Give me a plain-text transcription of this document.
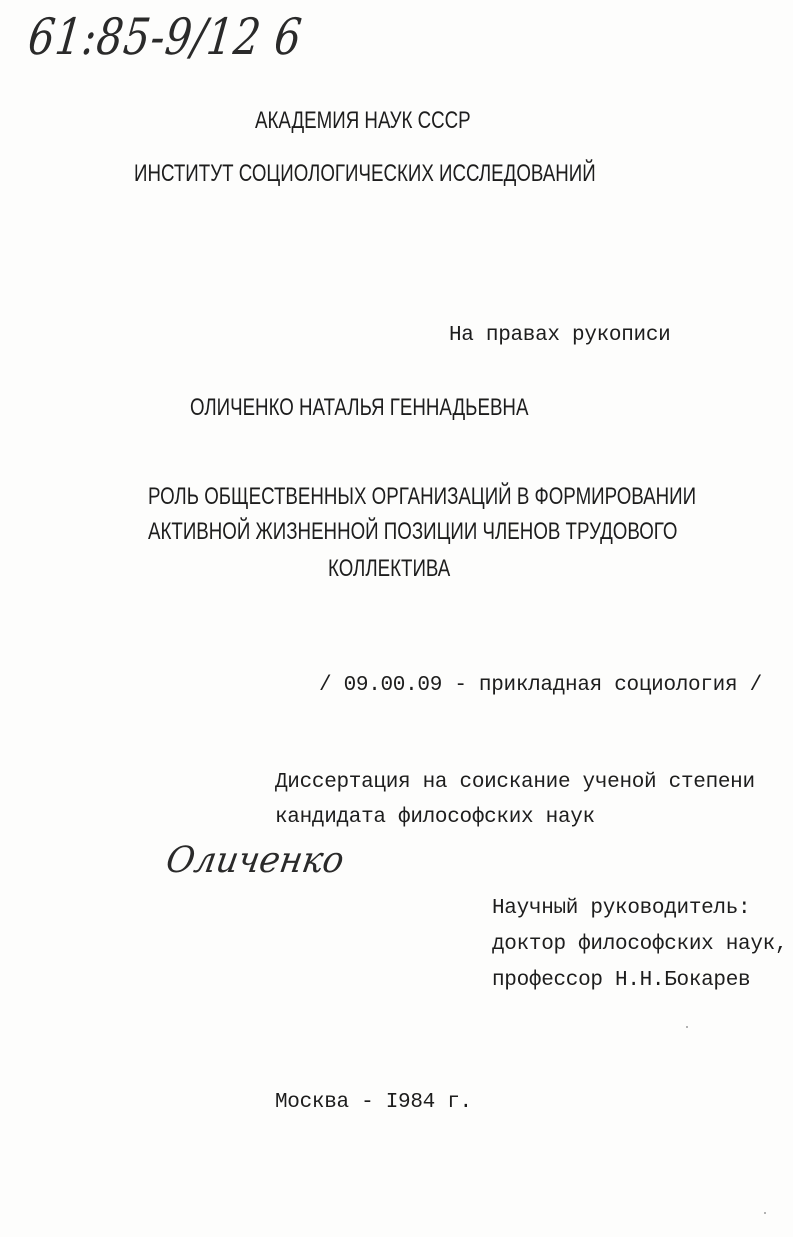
61:85-9/12 6
АКАДЕМИЯ НАУК СССР
ИНСТИТУТ СОЦИОЛОГИЧЕСКИХ ИССЛЕДОВАНИЙ
На правах рукописи
ОЛИЧЕНКО НАТАЛЬЯ ГЕННАДЬЕВНА
РОЛЬ ОБЩЕСТВЕННЫХ ОРГАНИЗАЦИЙ В ФОРМИРОВАНИИ
АКТИВНОЙ ЖИЗНЕННОЙ ПОЗИЦИИ ЧЛЕНОВ ТРУДОВОГО
КОЛЛЕКТИВА
/ 09.00.09 - прикладная социология /
Диссертация на соискание ученой степени
кандидата философских наук
Оличенко
Научный руководитель:
доктор философских наук,
профессор Н.Н.Бокарев
Москва - I984 г.
